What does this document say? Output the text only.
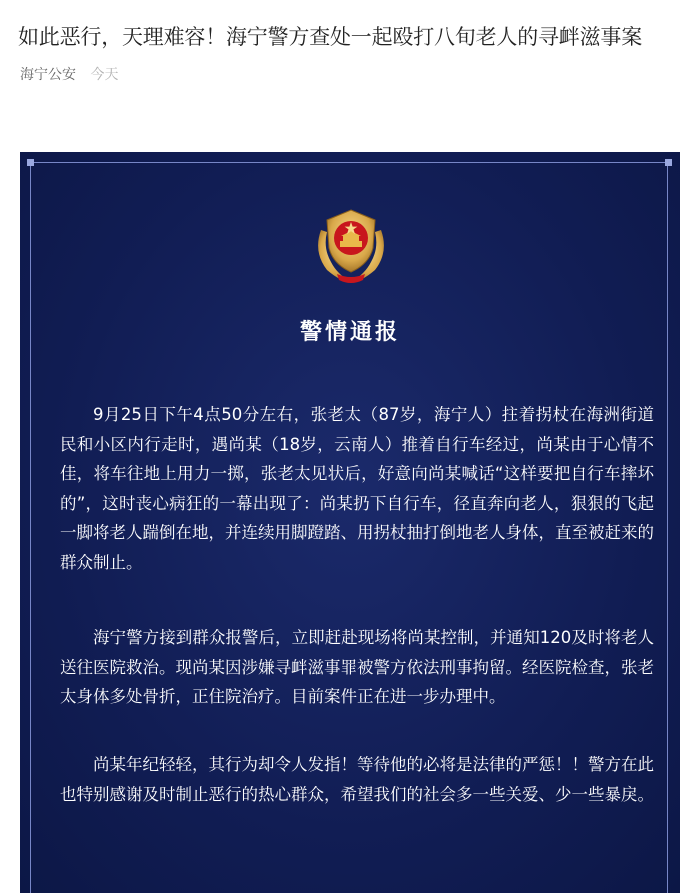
如此恶行，天理难容！海宁警方查处一起殴打八旬老人的寻衅滋事案
海宁公安 今天
警情通报

9月25日下午4点50分左右，张老太（87岁，海宁人）拄着拐杖在海洲街道民和小区内行走时，遇尚某（18岁，云南人）推着自行车经过，尚某由于心情不佳，将车往地上用力一掷，张老太见状后，好意向尚某喊话“这样要把自行车摔坏的”，这时丧心病狂的一幕出现了：尚某扔下自行车，径直奔向老人，狠狠的飞起一脚将老人踹倒在地，并连续用脚蹬踏、用拐杖抽打倒地老人身体，直至被赶来的群众制止。

海宁警方接到群众报警后，立即赶赴现场将尚某控制，并通知120及时将老人送往医院救治。现尚某因涉嫌寻衅滋事罪被警方依法刑事拘留。经医院检查，张老太身体多处骨折，正住院治疗。目前案件正在进一步办理中。

尚某年纪轻轻，其行为却令人发指！等待他的必将是法律的严惩！！警方在此也特别感谢及时制止恶行的热心群众，希望我们的社会多一些关爱、少一些暴戾。
